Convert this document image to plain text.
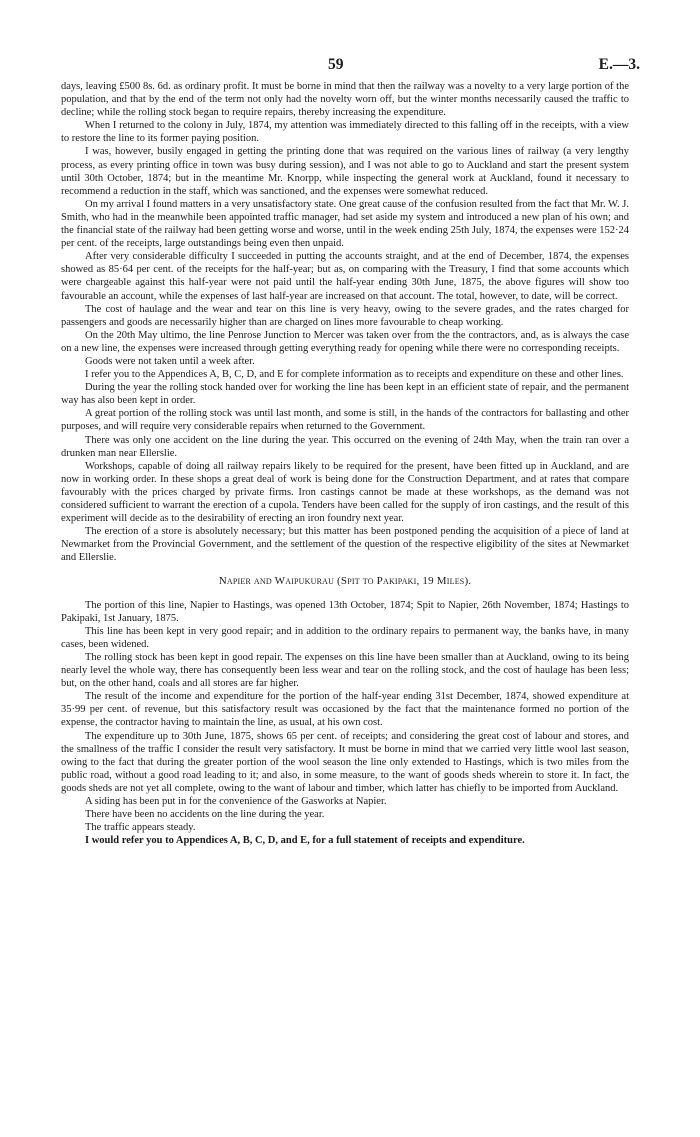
59	E.—3.

days, leaving £500 8s. 6d. as ordinary profit. It must be borne in mind that then the railway was a novelty to a very large portion of the population, and that by the end of the term not only had the novelty worn off, but the winter months necessarily caused the traffic to decline; while the rolling stock began to require repairs, thereby increasing the expenditure.

When I returned to the colony in July, 1874, my attention was immediately directed to this falling off in the receipts, with a view to restore the line to its former paying position.

I was, however, busily engaged in getting the printing done that was required on the various lines of railway (a very lengthy process, as every printing office in town was busy during session), and I was not able to go to Auckland and start the present system until 30th October, 1874; but in the meantime Mr. Knorpp, while inspecting the general work at Auckland, found it necessary to recommend a reduction in the staff, which was sanctioned, and the expenses were somewhat reduced.

On my arrival I found matters in a very unsatisfactory state. One great cause of the confusion resulted from the fact that Mr. W. J. Smith, who had in the meanwhile been appointed traffic manager, had set aside my system and introduced a new plan of his own; and the financial state of the railway had been getting worse and worse, until in the week ending 25th July, 1874, the expenses were 152·24 per cent. of the receipts, large outstandings being even then unpaid.

After very considerable difficulty I succeeded in putting the accounts straight, and at the end of December, 1874, the expenses showed as 85·64 per cent. of the receipts for the half-year; but as, on comparing with the Treasury, I find that some accounts which were chargeable against this half-year were not paid until the half-year ending 30th June, 1875, the above figures will show too favourable an account, while the expenses of last half-year are increased on that account. The total, however, to date, will be correct.

The cost of haulage and the wear and tear on this line is very heavy, owing to the severe grades, and the rates charged for passengers and goods are necessarily higher than are charged on lines more favourable to cheap working.

On the 20th May ultimo, the line Penrose Junction to Mercer was taken over from the the contractors, and, as is always the case on a new line, the expenses were increased through getting everything ready for opening while there were no corresponding receipts.

Goods were not taken until a week after.

I refer you to the Appendices A, B, C, D, and E for complete information as to receipts and expenditure on these and other lines.

During the year the rolling stock handed over for working the line has been kept in an efficient state of repair, and the permanent way has also been kept in order.

A great portion of the rolling stock was until last month, and some is still, in the hands of the contractors for ballasting and other purposes, and will require very considerable repairs when returned to the Government.

There was only one accident on the line during the year. This occurred on the evening of 24th May, when the train ran over a drunken man near Ellerslie.

Workshops, capable of doing all railway repairs likely to be required for the present, have been fitted up in Auckland, and are now in working order. In these shops a great deal of work is being done for the Construction Department, and at rates that compare favourably with the prices charged by private firms. Iron castings cannot be made at these workshops, as the demand was not considered sufficient to warrant the erection of a cupola. Tenders have been called for the supply of iron castings, and the result of this experiment will decide as to the desirability of erecting an iron foundry next year.

The erection of a store is absolutely necessary; but this matter has been postponed pending the acquisition of a piece of land at Newmarket from the Provincial Government, and the settlement of the question of the respective eligibility of the sites at Newmarket and Ellerslie.

Napier and Waipukurau (Spit to Pakipaki, 19 Miles).

The portion of this line, Napier to Hastings, was opened 13th October, 1874; Spit to Napier, 26th November, 1874; Hastings to Pakipaki, 1st January, 1875.

This line has been kept in very good repair; and in addition to the ordinary repairs to permanent way, the banks have, in many cases, been widened.

The rolling stock has been kept in good repair. The expenses on this line have been smaller than at Auckland, owing to its being nearly level the whole way, there has consequently been less wear and tear on the rolling stock, and the cost of haulage has been less; but, on the other hand, coals and all stores are far higher.

The result of the income and expenditure for the portion of the half-year ending 31st December, 1874, showed expenditure at 35·99 per cent. of revenue, but this satisfactory result was occasioned by the fact that the maintenance formed no portion of the expense, the contractor having to maintain the line, as usual, at his own cost.

The expenditure up to 30th June, 1875, shows 65 per cent. of receipts; and considering the great cost of labour and stores, and the smallness of the traffic I consider the result very satisfactory. It must be borne in mind that we carried very little wool last season, owing to the fact that during the greater portion of the wool season the line only extended to Hastings, which is two miles from the public road, without a good road leading to it; and also, in some measure, to the want of goods sheds wherein to store it. In fact, the goods sheds are not yet all complete, owing to the want of labour and timber, which latter has chiefly to be imported from Auckland.

A siding has been put in for the convenience of the Gasworks at Napier.

There have been no accidents on the line during the year.

The traffic appears steady.

I would refer you to Appendices A, B, C, D, and E, for a full statement of receipts and expenditure.
